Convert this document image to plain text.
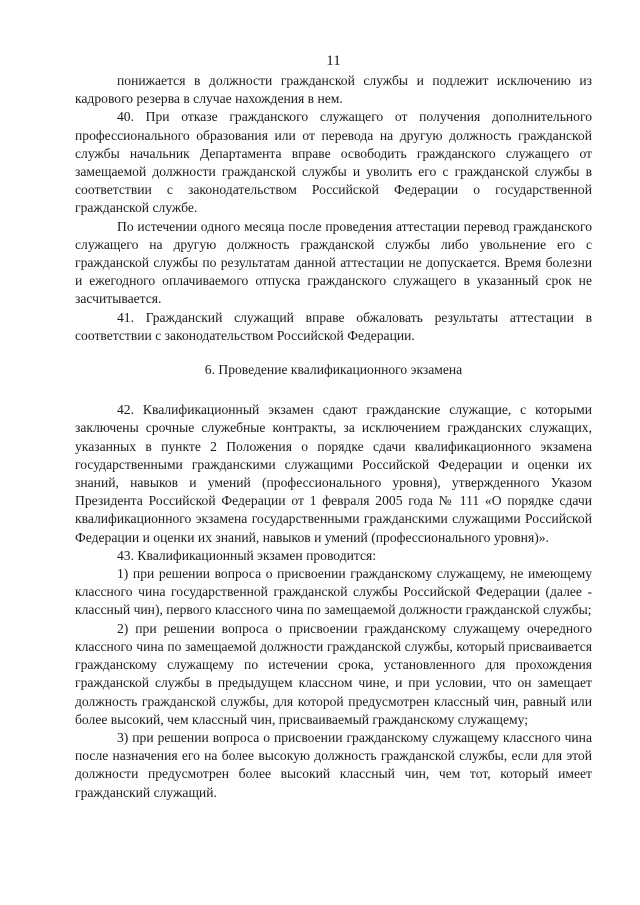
11

понижается в должности гражданской службы и подлежит исключению из кадрового резерва в случае нахождения в нем.

40. При отказе гражданского служащего от получения дополнительного профессионального образования или от перевода на другую должность гражданской службы начальник Департамента вправе освободить гражданского служащего от замещаемой должности гражданской службы и уволить его с гражданской службы в соответствии с законодательством Российской Федерации о государственной гражданской службе.

По истечении одного месяца после проведения аттестации перевод гражданского служащего на другую должность гражданской службы либо увольнение его с гражданской службы по результатам данной аттестации не допускается. Время болезни и ежегодного оплачиваемого отпуска гражданского служащего в указанный срок не засчитывается.

41. Гражданский служащий вправе обжаловать результаты аттестации в соответствии с законодательством Российской Федерации.

6. Проведение квалификационного экзамена

42. Квалификационный экзамен сдают гражданские служащие, с которыми заключены срочные служебные контракты, за исключением гражданских служащих, указанных в пункте 2 Положения о порядке сдачи квалификационного экзамена государственными гражданскими служащими Российской Федерации и оценки их знаний, навыков и умений (профессионального уровня), утвержденного Указом Президента Российской Федерации от 1 февраля 2005 года № 111 «О порядке сдачи квалификационного экзамена государственными гражданскими служащими Российской Федерации и оценки их знаний, навыков и умений (профессионального уровня)».

43. Квалификационный экзамен проводится:

1) при решении вопроса о присвоении гражданскому служащему, не имеющему классного чина государственной гражданской службы Российской Федерации (далее - классный чин), первого классного чина по замещаемой должности гражданской службы;

2) при решении вопроса о присвоении гражданскому служащему очередного классного чина по замещаемой должности гражданской службы, который присваивается гражданскому служащему по истечении срока, установленного для прохождения гражданской службы в предыдущем классном чине, и при условии, что он замещает должность гражданской службы, для которой предусмотрен классный чин, равный или более высокий, чем классный чин, присваиваемый гражданскому служащему;

3) при решении вопроса о присвоении гражданскому служащему классного чина после назначения его на более высокую должность гражданской службы, если для этой должности предусмотрен более высокий классный чин, чем тот, который имеет гражданский служащий.
